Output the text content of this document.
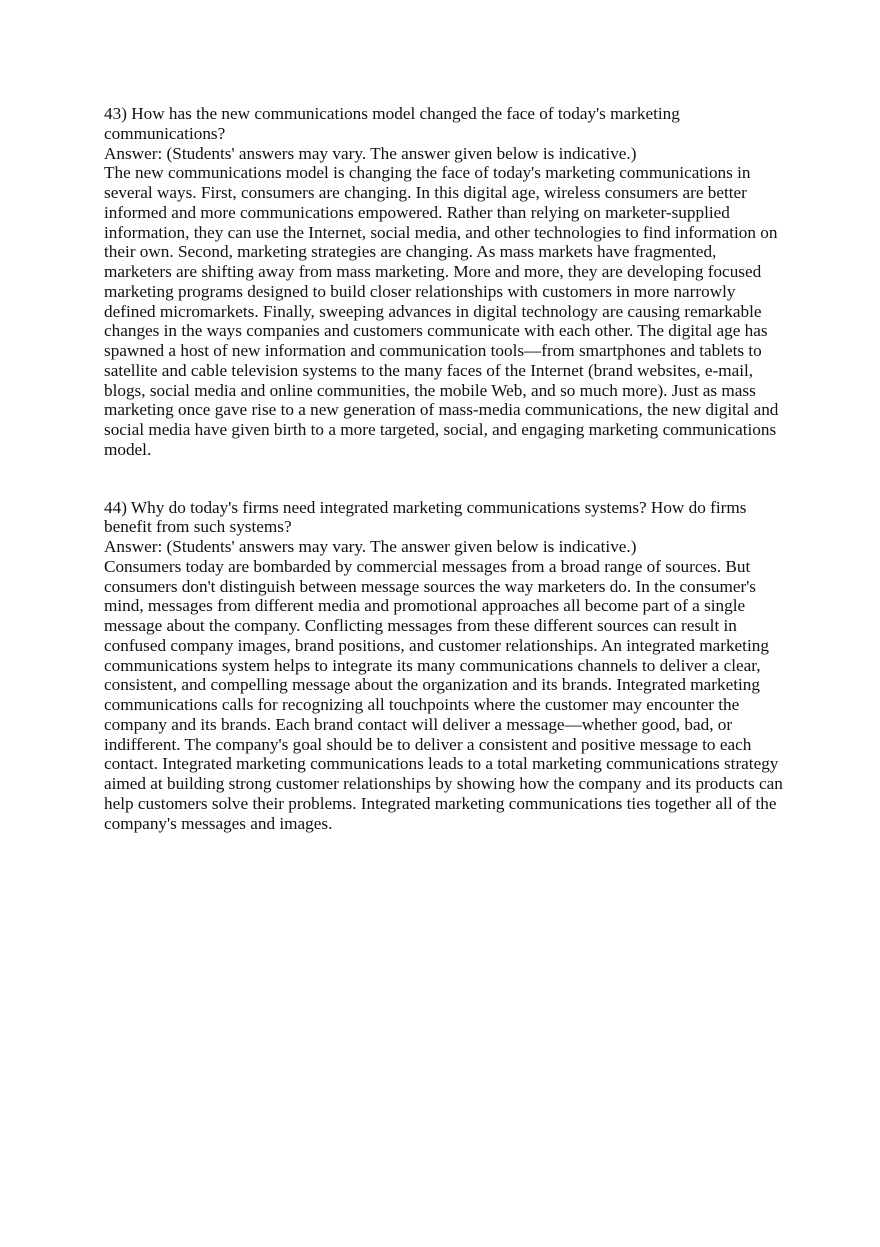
43) How has the new communications model changed the face of today's marketing communications?

Answer: (Students' answers may vary. The answer given below is indicative.)

The new communications model is changing the face of today's marketing communications in several ways. First, consumers are changing. In this digital age, wireless consumers are better informed and more communications empowered. Rather than relying on marketer-supplied information, they can use the Internet, social media, and other technologies to find information on their own. Second, marketing strategies are changing. As mass markets have fragmented, marketers are shifting away from mass marketing. More and more, they are developing focused marketing programs designed to build closer relationships with customers in more narrowly defined micromarkets. Finally, sweeping advances in digital technology are causing remarkable changes in the ways companies and customers communicate with each other. The digital age has spawned a host of new information and communication tools—from smartphones and tablets to satellite and cable television systems to the many faces of the Internet (brand websites, e-mail, blogs, social media and online communities, the mobile Web, and so much more). Just as mass marketing once gave rise to a new generation of mass-media communications, the new digital and social media have given birth to a more targeted, social, and engaging marketing communications model.

44) Why do today's firms need integrated marketing communications systems? How do firms benefit from such systems?

Answer: (Students' answers may vary. The answer given below is indicative.)

Consumers today are bombarded by commercial messages from a broad range of sources. But consumers don't distinguish between message sources the way marketers do. In the consumer's mind, messages from different media and promotional approaches all become part of a single message about the company. Conflicting messages from these different sources can result in confused company images, brand positions, and customer relationships. An integrated marketing communications system helps to integrate its many communications channels to deliver a clear, consistent, and compelling message about the organization and its brands. Integrated marketing communications calls for recognizing all touchpoints where the customer may encounter the company and its brands. Each brand contact will deliver a message—whether good, bad, or indifferent. The company's goal should be to deliver a consistent and positive message to each contact. Integrated marketing communications leads to a total marketing communications strategy aimed at building strong customer relationships by showing how the company and its products can help customers solve their problems. Integrated marketing communications ties together all of the company's messages and images.
